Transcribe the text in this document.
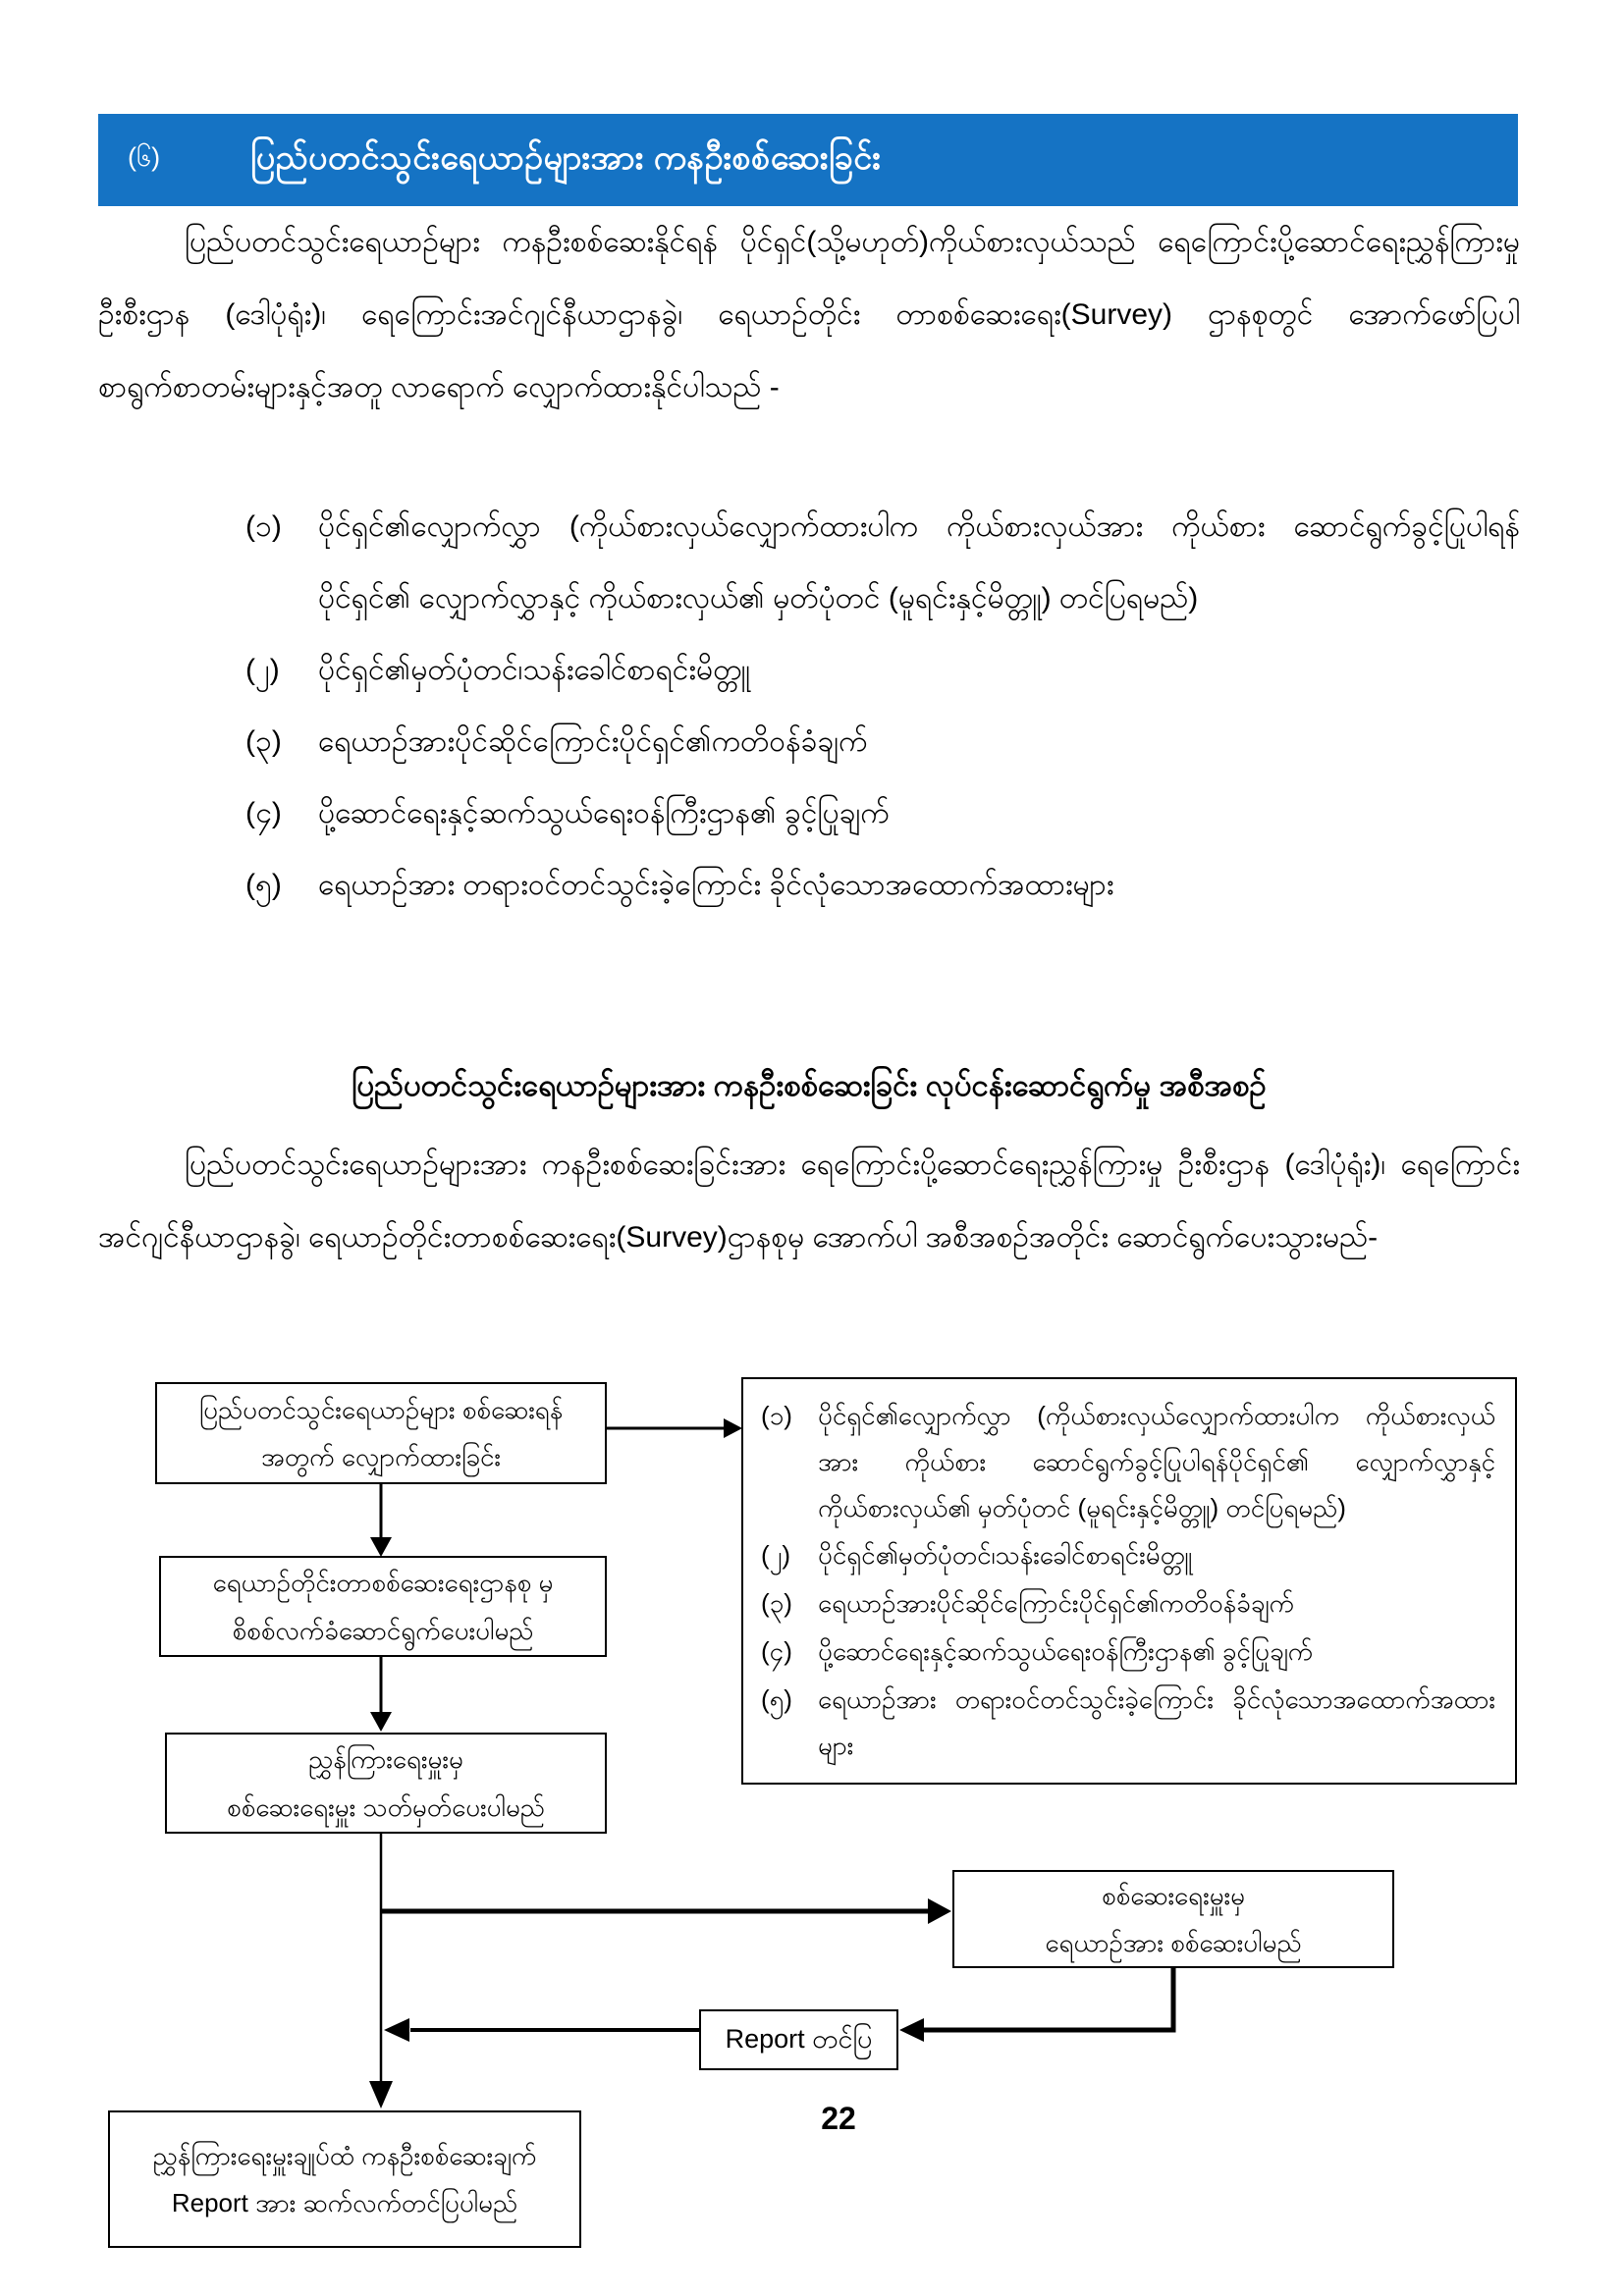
(၆)	ပြည်ပတင်သွင်းရေယာဉ်များအား ကနဦးစစ်ဆေးခြင်း
ပြည်ပတင်သွင်းရေယာဉ်များ ကနဦးစစ်ဆေးနိုင်ရန် ပိုင်ရှင်(သို့မဟုတ်)ကိုယ်စားလှယ်သည် ရေကြောင်းပို့ဆောင်ရေးညွှန်ကြားမှုဦးစီးဌာန (ဒေါပုံရုံး)၊ ရေကြောင်းအင်ဂျင်နီယာဌာနခွဲ၊ ရေယာဉ်တိုင်း တာစစ်ဆေးရေး(Survey) ဌာနစုတွင် အောက်ဖော်ပြပါ စာရွက်စာတမ်းများနှင့်အတူ လာရောက် လျှောက်ထားနိုင်ပါသည် -
(၁)	ပိုင်ရှင်၏လျှောက်လွှာ (ကိုယ်စားလှယ်လျှောက်ထားပါက ကိုယ်စားလှယ်အား ကိုယ်စား ဆောင်ရွက်ခွင့်ပြုပါရန်ပိုင်ရှင်၏ လျှောက်လွှာနှင့် ကိုယ်စားလှယ်၏ မှတ်ပုံတင် (မူရင်းနှင့်မိတ္တူ) တင်ပြရမည်)
(၂)	ပိုင်ရှင်၏မှတ်ပုံတင်၊သန်းခေါင်စာရင်းမိတ္တူ
(၃)	ရေယာဉ်အားပိုင်ဆိုင်ကြောင်းပိုင်ရှင်၏ကတိဝန်ခံချက်
(၄)	ပို့ဆောင်ရေးနှင့်ဆက်သွယ်ရေးဝန်ကြီးဌာန၏ ခွင့်ပြုချက်
(၅)	ရေယာဉ်အား တရားဝင်တင်သွင်းခဲ့ကြောင်း ခိုင်လုံသောအထောက်အထားများ
ပြည်ပတင်သွင်းရေယာဉ်များအား ကနဦးစစ်ဆေးခြင်း လုပ်ငန်းဆောင်ရွက်မှု အစီအစဉ်
ပြည်ပတင်သွင်းရေယာဉ်များအား ကနဦးစစ်ဆေးခြင်းအား ရေကြောင်းပို့ဆောင်ရေးညွှန်ကြားမှု ဦးစီးဌာန (ဒေါပုံရုံး)၊ ရေကြောင်းအင်ဂျင်နီယာဌာနခွဲ၊ ရေယာဉ်တိုင်းတာစစ်ဆေးရေး(Survey)ဌာနစုမှ အောက်ပါ အစီအစဉ်အတိုင်း ဆောင်ရွက်ပေးသွားမည်-
ပြည်ပတင်သွင်းရေယာဉ်များ စစ်ဆေးရန်
အတွက် လျှောက်ထားခြင်း
(၁)	ပိုင်ရှင်၏လျှောက်လွှာ (ကိုယ်စားလှယ်လျှောက်ထားပါက ကိုယ်စားလှယ်အား ကိုယ်စား ဆောင်ရွက်ခွင့်ပြုပါရန်ပိုင်ရှင်၏ လျှောက်လွှာနှင့် ကိုယ်စားလှယ်၏ မှတ်ပုံတင် (မူရင်းနှင့်မိတ္တူ) တင်ပြရမည်)
(၂)	ပိုင်ရှင်၏မှတ်ပုံတင်၊သန်းခေါင်စာရင်းမိတ္တူ
(၃)	ရေယာဉ်အားပိုင်ဆိုင်ကြောင်းပိုင်ရှင်၏ကတိဝန်ခံချက်
(၄)	ပို့ဆောင်ရေးနှင့်ဆက်သွယ်ရေးဝန်ကြီးဌာန၏ ခွင့်ပြုချက်
(၅)	ရေယာဉ်အား တရားဝင်တင်သွင်းခဲ့ကြောင်း ခိုင်လုံသောအထောက်အထားများ
ရေယာဉ်တိုင်းတာစစ်ဆေးရေးဌာနစု မှ
စိစစ်လက်ခံဆောင်ရွက်ပေးပါမည်
ညွှန်ကြားရေးမှူးမှ
စစ်ဆေးရေးမှူး သတ်မှတ်ပေးပါမည်
စစ်ဆေးရေးမှူးမှ
ရေယာဉ်အား စစ်ဆေးပါမည်
Report တင်ပြ
ညွှန်ကြားရေးမှူးချုပ်ထံ ကနဦးစစ်ဆေးချက်
Report အား ဆက်လက်တင်ပြပါမည်
22
